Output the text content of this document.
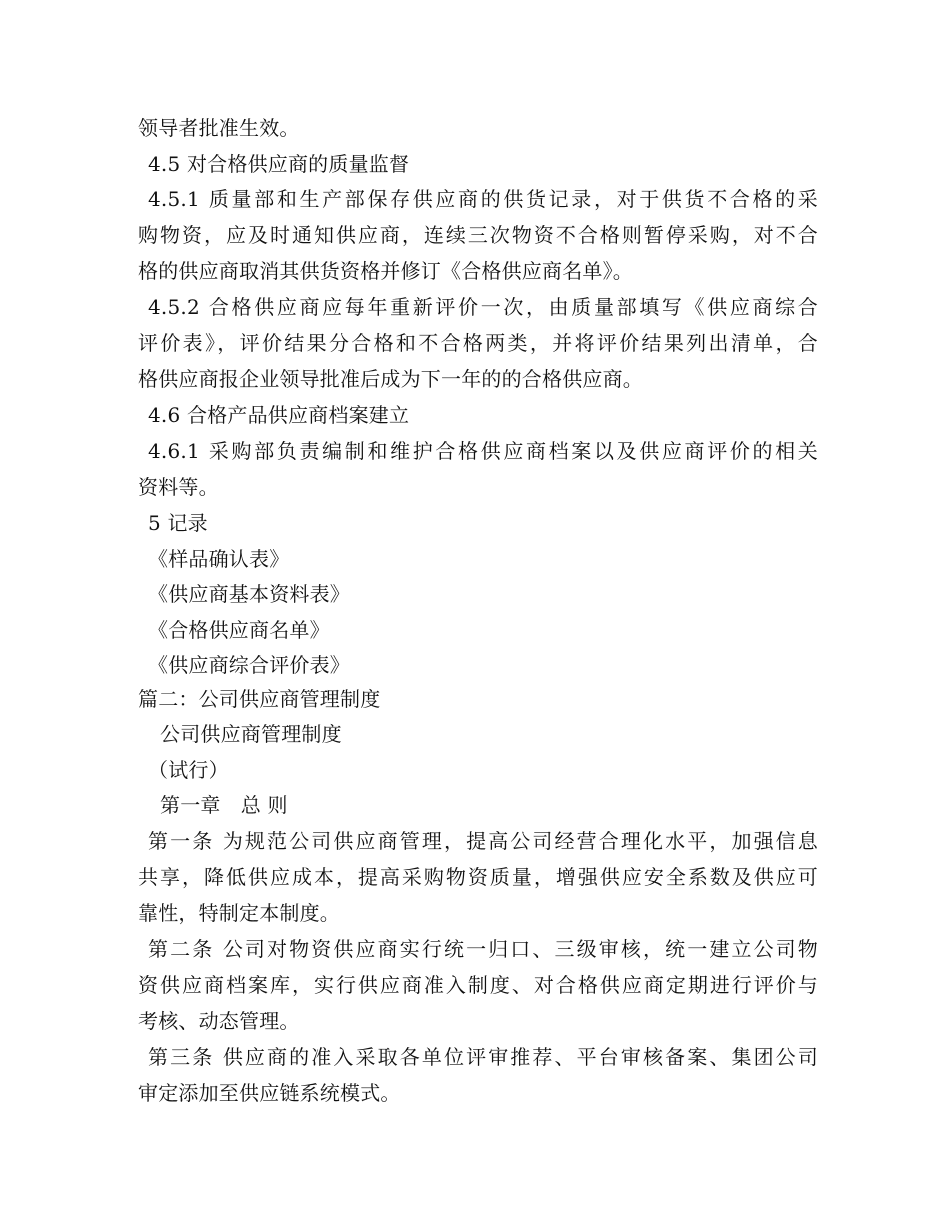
领导者批准生效。
4.5 对合格供应商的质量监督
4.5.1 质量部和生产部保存供应商的供货记录，对于供货不合格的采
购物资，应及时通知供应商，连续三次物资不合格则暂停采购，对不合
格的供应商取消其供货资格并修订《合格供应商名单》。
4.5.2 合格供应商应每年重新评价一次，由质量部填写《供应商综合
评价表》，评价结果分合格和不合格两类，并将评价结果列出清单，合
格供应商报企业领导批准后成为下一年的的合格供应商。
4.6 合格产品供应商档案建立
4.6.1 采购部负责编制和维护合格供应商档案以及供应商评价的相关
资料等。
5 记录
《样品确认表》
《供应商基本资料表》
《合格供应商名单》
《供应商综合评价表》
篇二：公司供应商管理制度
公司供应商管理制度
（试行）
第一章　总 则
第一条 为规范公司供应商管理，提高公司经营合理化水平，加强信息
共享，降低供应成本，提高采购物资质量，增强供应安全系数及供应可
靠性，特制定本制度。
第二条 公司对物资供应商实行统一归口、三级审核，统一建立公司物
资供应商档案库，实行供应商准入制度、对合格供应商定期进行评价与
考核、动态管理。
第三条 供应商的准入采取各单位评审推荐、平台审核备案、集团公司
审定添加至供应链系统模式。
